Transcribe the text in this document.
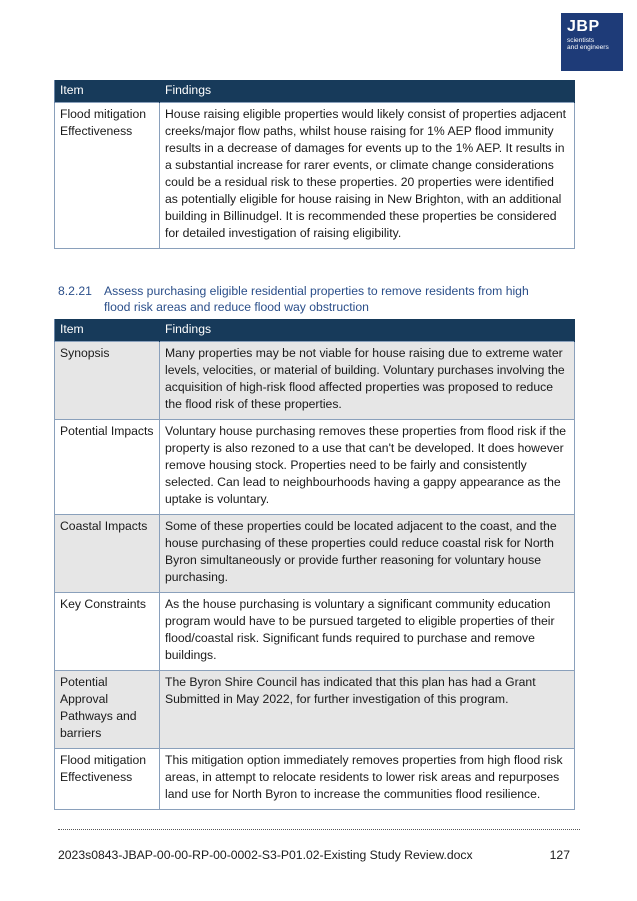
JBP
scientists
and engineers
Item	Findings
Flood mitigation Effectiveness	House raising eligible properties would likely consist of properties adjacent creeks/major flow paths, whilst house raising for 1% AEP flood immunity results in a decrease of damages for events up to the 1% AEP. It results in a substantial increase for rarer events, or climate change considerations could be a residual risk to these properties. 20 properties were identified as potentially eligible for house raising in New Brighton, with an additional building in Billinudgel. It is recommended these properties be considered for detailed investigation of raising eligibility.
8.2.21 Assess purchasing eligible residential properties to remove residents from high flood risk areas and reduce flood way obstruction
Item	Findings
Synopsis	Many properties may be not viable for house raising due to extreme water levels, velocities, or material of building. Voluntary purchases involving the acquisition of high-risk flood affected properties was proposed to reduce the flood risk of these properties.
Potential Impacts	Voluntary house purchasing removes these properties from flood risk if the property is also rezoned to a use that can't be developed. It does however remove housing stock. Properties need to be fairly and consistently selected. Can lead to neighbourhoods having a gappy appearance as the uptake is voluntary.
Coastal Impacts	Some of these properties could be located adjacent to the coast, and the house purchasing of these properties could reduce coastal risk for North Byron simultaneously or provide further reasoning for voluntary house purchasing.
Key Constraints	As the house purchasing is voluntary a significant community education program would have to be pursued targeted to eligible properties of their flood/coastal risk. Significant funds required to purchase and remove buildings.
Potential Approval Pathways and barriers	The Byron Shire Council has indicated that this plan has had a Grant Submitted in May 2022, for further investigation of this program.
Flood mitigation Effectiveness	This mitigation option immediately removes properties from high flood risk areas, in attempt to relocate residents to lower risk areas and repurposes land use for North Byron to increase the communities flood resilience.
2023s0843-JBAP-00-00-RP-00-0002-S3-P01.02-Existing Study Review.docx	127
